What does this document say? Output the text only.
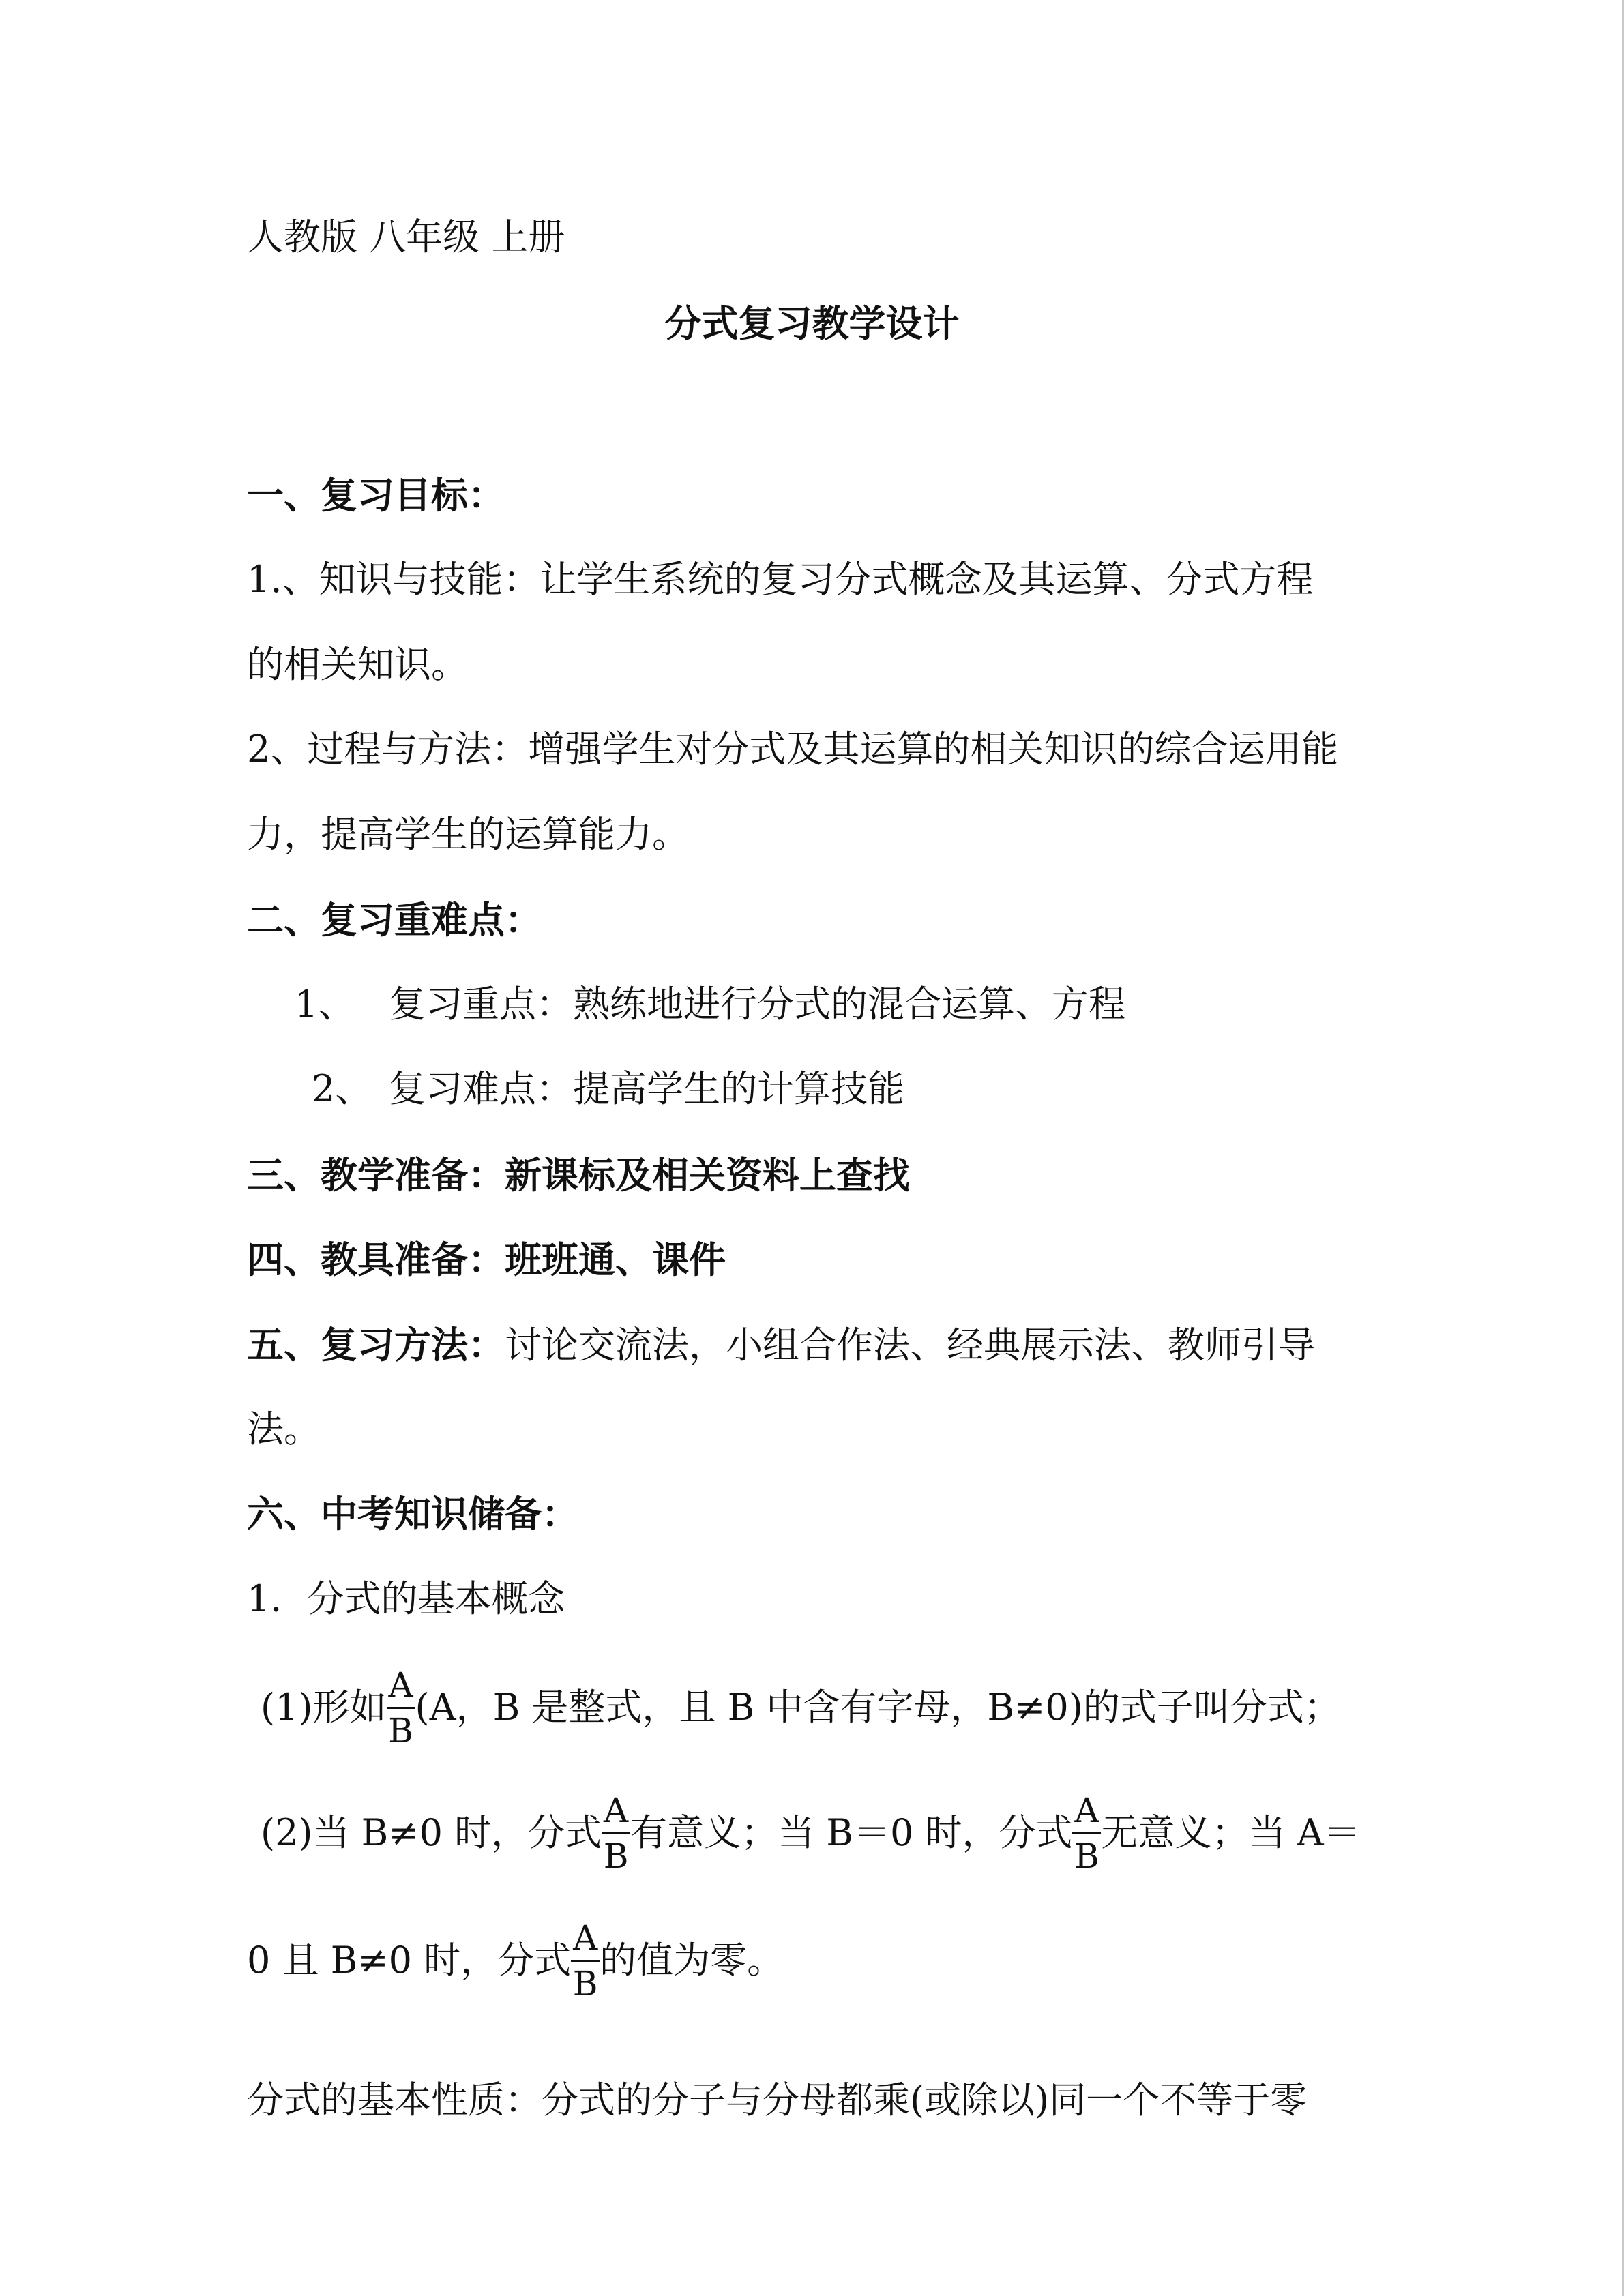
人教版 八年级 上册
分式复习教学设计
一、复习目标：
1.、知识与技能：让学生系统的复习分式概念及其运算、分式方程
的相关知识。
2、过程与方法：增强学生对分式及其运算的相关知识的综合运用能
力，提高学生的运算能力。
二、复习重难点：
1、 复习重点：熟练地进行分式的混合运算、方程
2、 复习难点：提高学生的计算技能
三、教学准备：新课标及相关资料上查找
四、教具准备：班班通、课件
五、复习方法：讨论交流法，小组合作法、经典展示法、教师引导
法。
六、中考知识储备：
1．分式的基本概念
(1)形如 $\frac{A}{B} (A$，B 是整式，且 B 中含有字母，B≠0)的式子叫分式；
(2)当 B≠0 时，分式 $\frac{A}{B}$ 有意义；当 B＝0 时，分式 $\frac{A}{B}$ 无意义；当 A＝
0 且 B≠0 时，分式 $\frac{A}{B}$ 的值为零。
分式的基本性质：分式的分子与分母都乘(或除以)同一个不等于零
